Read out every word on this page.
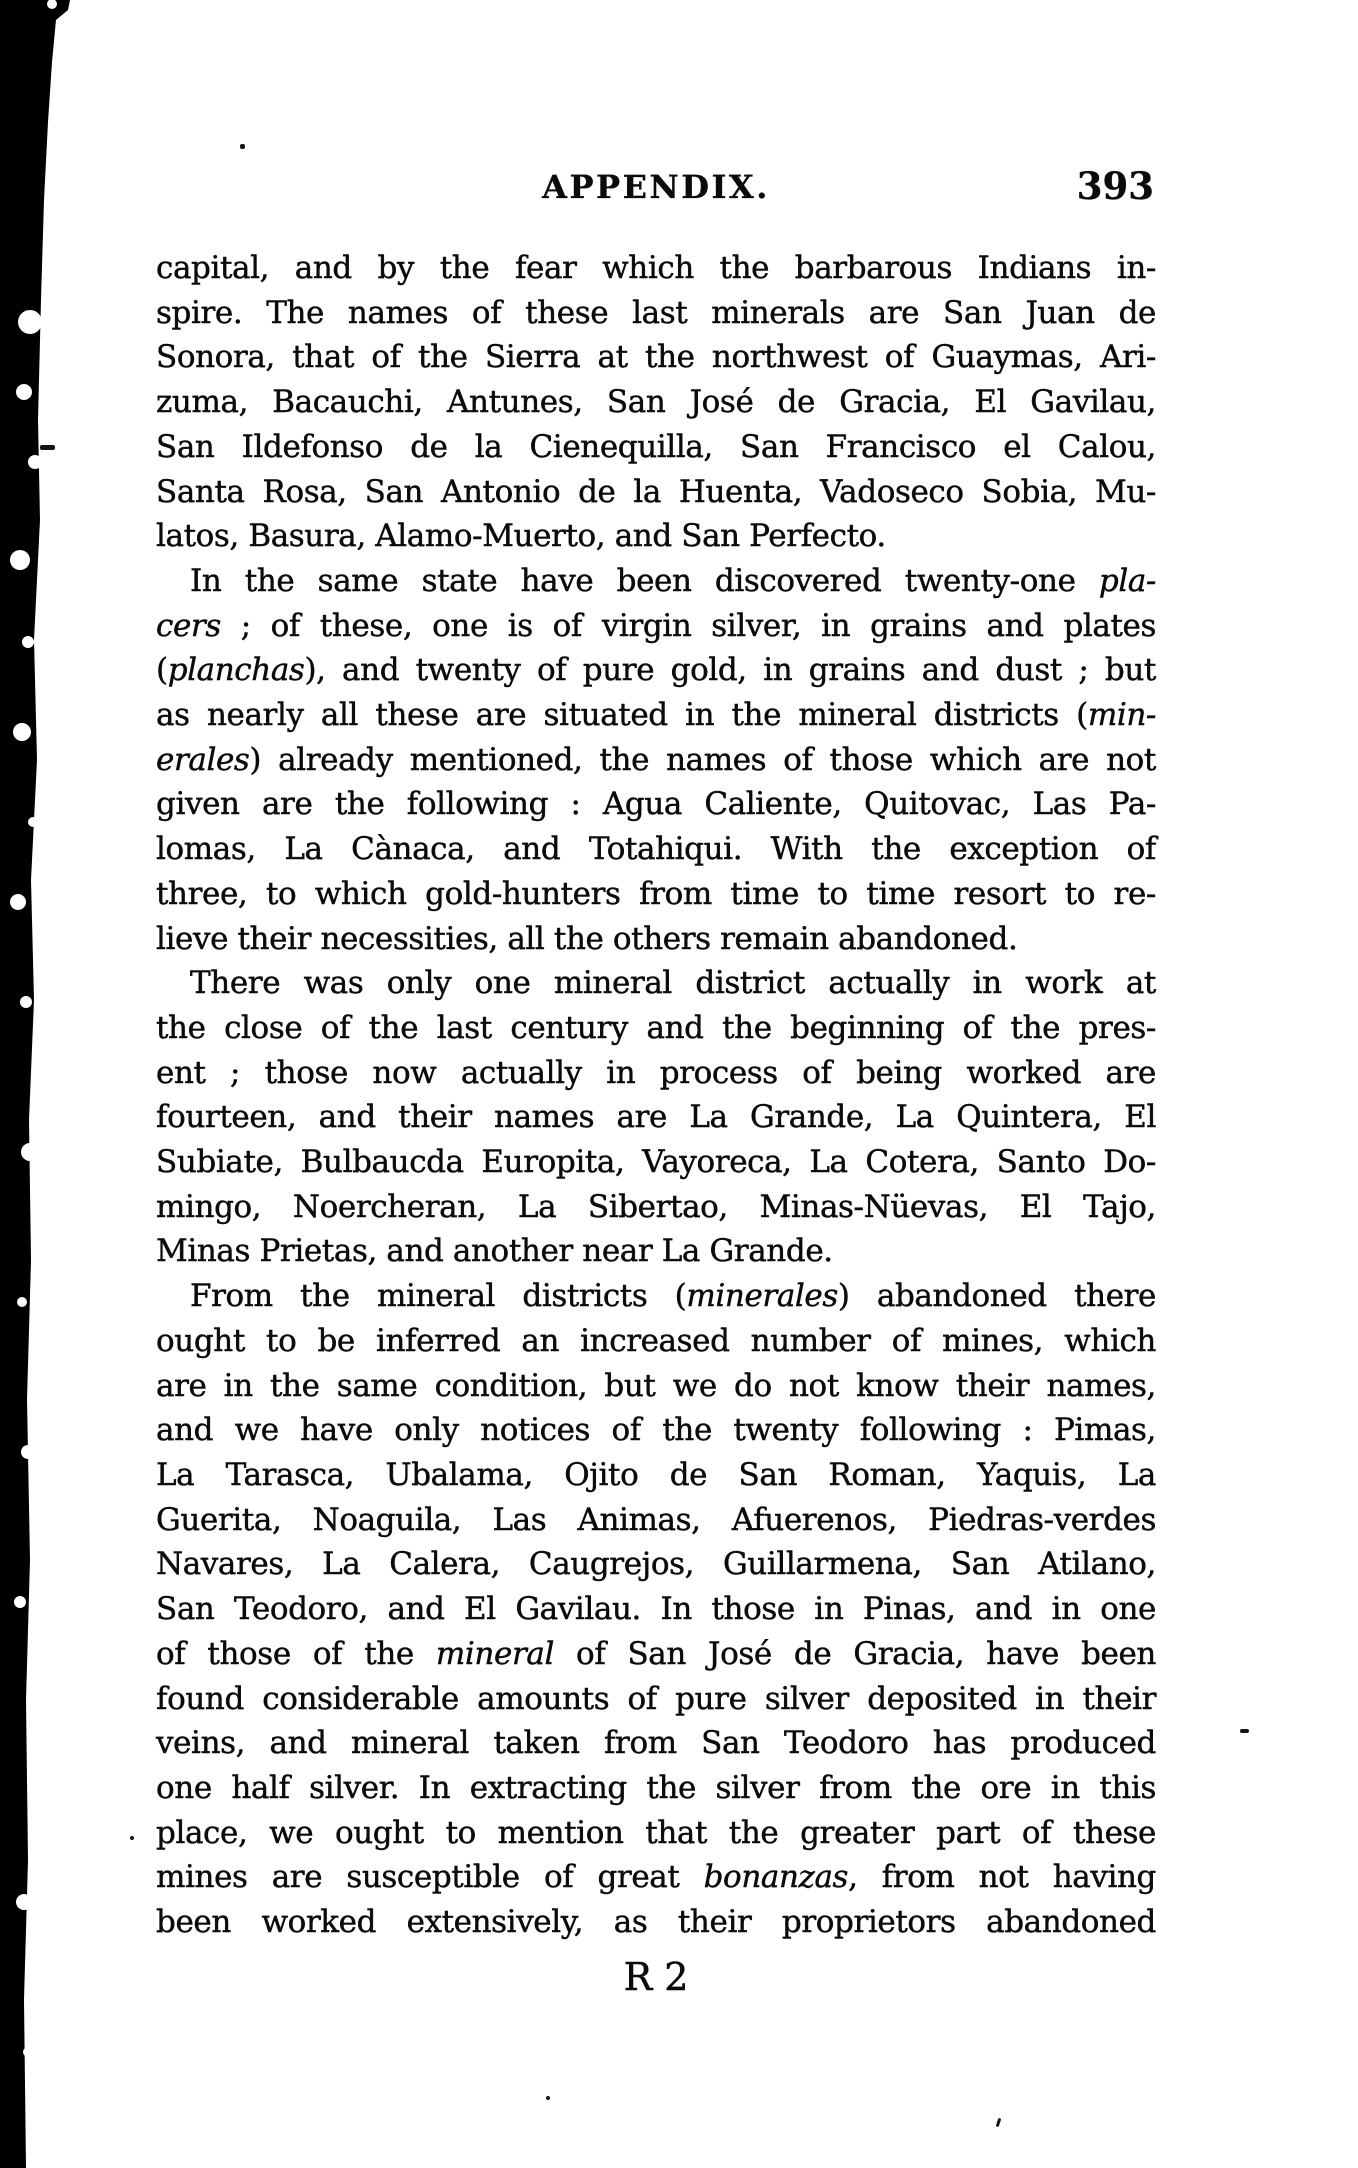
APPENDIX.	393
capital, and by the fear which the barbarous Indians in-
spire. The names of these last minerals are San Juan de
Sonora, that of the Sierra at the northwest of Guaymas, Ari-
zuma, Bacauchi, Antunes, San José de Gracia, El Gavilau,
San Ildefonso de la Cienequilla, San Francisco el Calou,
Santa Rosa, San Antonio de la Huenta, Vadoseco Sobia, Mu-
latos, Basura, Alamo-Muerto, and San Perfecto.
In the same state have been discovered twenty-one pla-
cers ; of these, one is of virgin silver, in grains and plates
(planchas), and twenty of pure gold, in grains and dust ; but
as nearly all these are situated in the mineral districts (min-
erales) already mentioned, the names of those which are not
given are the following : Agua Caliente, Quitovac, Las Pa-
lomas, La Cànaca, and Totahiqui. With the exception of
three, to which gold-hunters from time to time resort to re-
lieve their necessities, all the others remain abandoned.
There was only one mineral district actually in work at
the close of the last century and the beginning of the pres-
ent ; those now actually in process of being worked are
fourteen, and their names are La Grande, La Quintera, El
Subiate, Bulbaucda Europita, Vayoreca, La Cotera, Santo Do-
mingo, Noercheran, La Sibertao, Minas-Nüevas, El Tajo,
Minas Prietas, and another near La Grande.
From the mineral districts (minerales) abandoned there
ought to be inferred an increased number of mines, which
are in the same condition, but we do not know their names,
and we have only notices of the twenty following : Pimas,
La Tarasca, Ubalama, Ojito de San Roman, Yaquis, La
Guerita, Noaguila, Las Animas, Afuerenos, Piedras-verdes
Navares, La Calera, Caugrejos, Guillarmena, San Atilano,
San Teodoro, and El Gavilau. In those in Pinas, and in one
of those of the mineral of San José de Gracia, have been
found considerable amounts of pure silver deposited in their
veins, and mineral taken from San Teodoro has produced
one half silver. In extracting the silver from the ore in this
place, we ought to mention that the greater part of these
mines are susceptible of great bonanzas, from not having
been worked extensively, as their proprietors abandoned
R 2
